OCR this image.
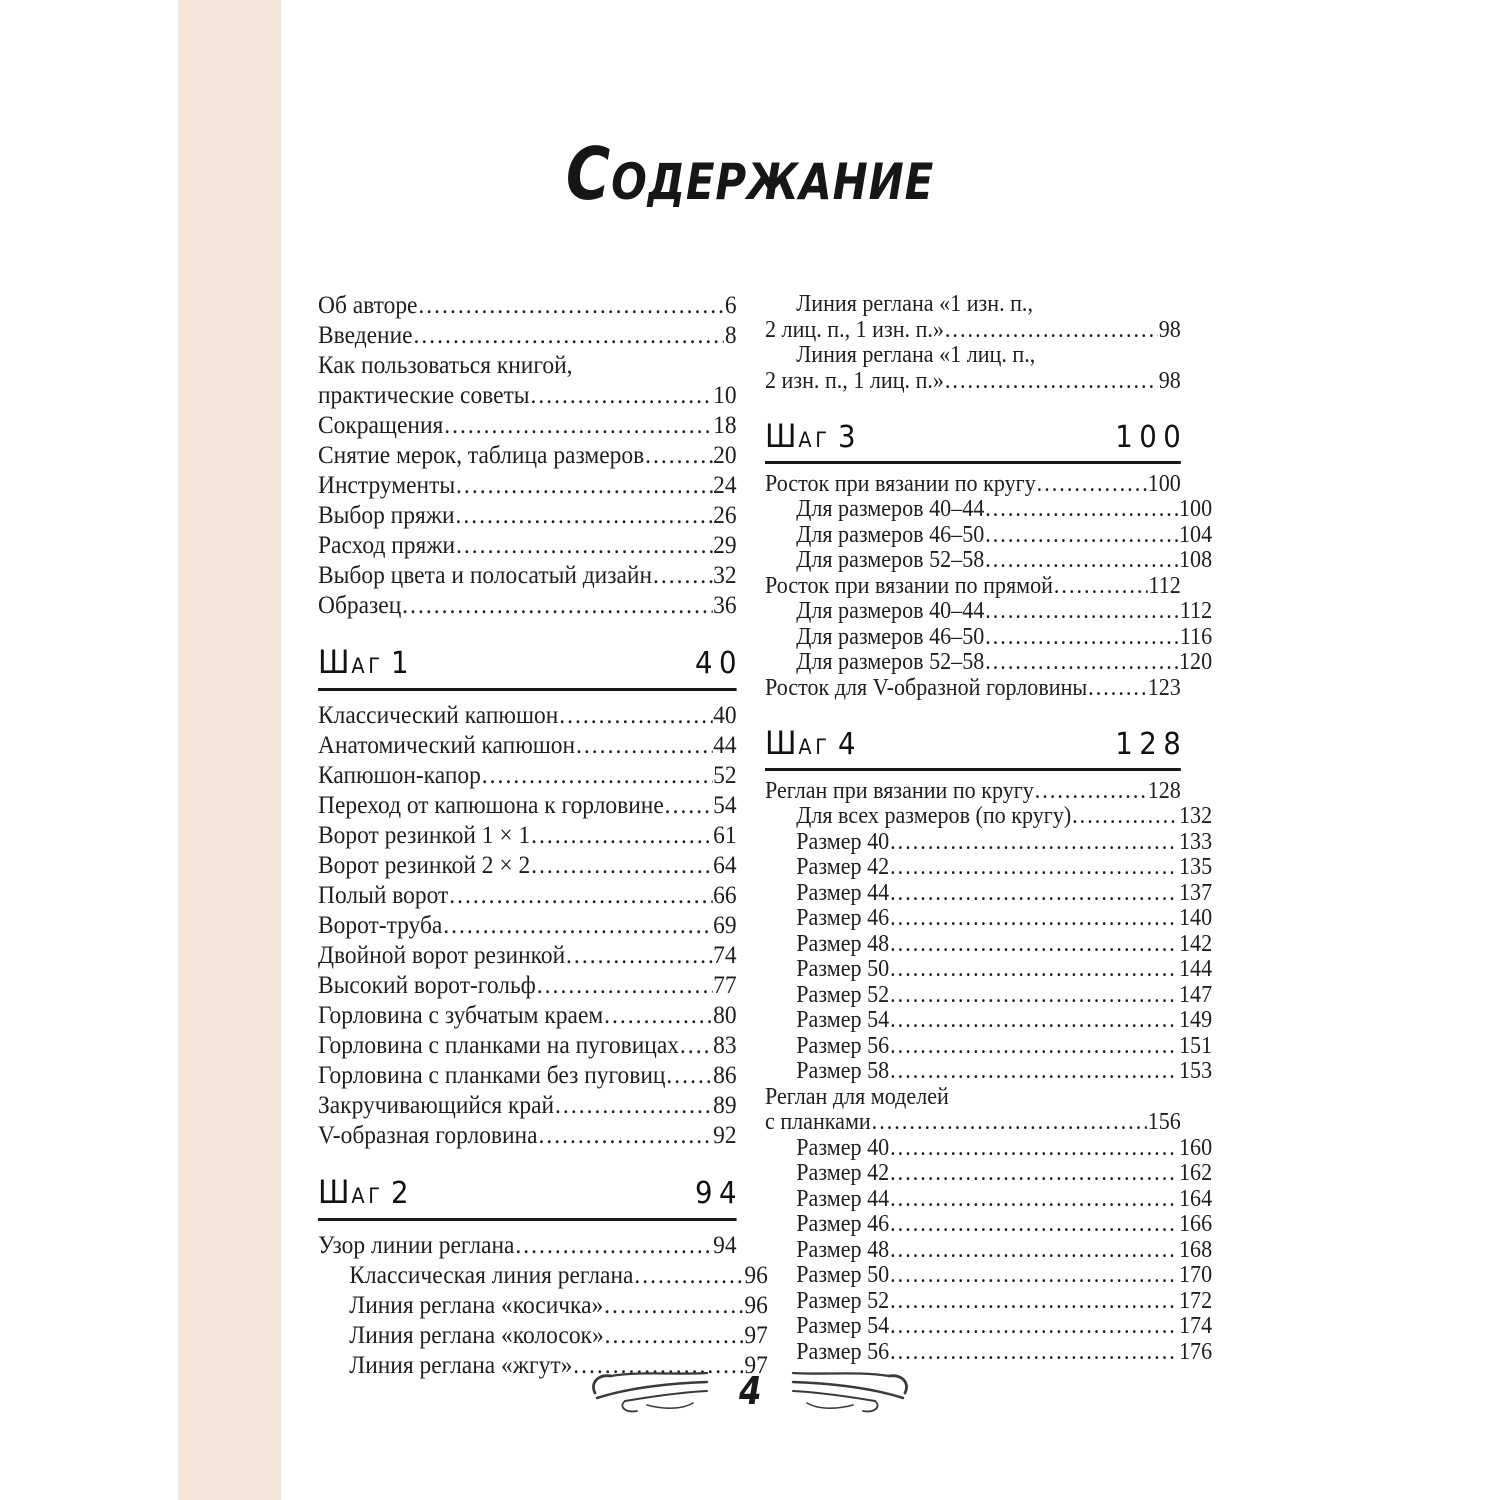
СОДЕРЖАНИЕ
Об авторе .....	6
Введение .....	8
Как пользоваться книгой,
практические советы .....	10
Сокращения .....	18
Снятие мерок, таблица размеров .....	20
Инструменты .....	24
Выбор пряжи .....	26
Расход пряжи .....	29
Выбор цвета и полосатый дизайн ..... 32
Образец .....	36
Ш АГ 1	40
Классический капюшон .....	40
Анатомический капюшон .....	44
Капюшон-капор .....	52
Переход от капюшона к горловине ..... 54
Ворот резинкой 1 × 1 .....	61
Ворот резинкой 2 × 2 .....	64
Полый ворот .....	66
Ворот-труба .....	69
Двойной ворот резинкой .....	74
Высокий ворот-гольф .....	77
Горловина с зубчатым краем .....	80
Горловина с планками на пуговицах ..... 83
Горловина с планками без пуговиц ..... 86
Закручивающийся край .....	89
V-образная горловина .....	92
Ш АГ 2	94
Узор линии реглана .....	94
Классическая линия реглана .....	96
Линия реглана «косичка» .....	96
Линия реглана «колосок» .....	97
Линия реглана «жгут» .....	97
Линия реглана «1 изн. п.,
2 лиц. п., 1 изн. п.» .....	98
Линия реглана «1 лиц. п.,
2 изн. п., 1 лиц. п.» .....	98
Ш АГ 3	100
Росток при вязании по кругу .....	100
Для размеров 40–44 .....	100
Для размеров 46–50 .....	104
Для размеров 52–58 .....	108
Росток при вязании по прямой .....	112
Для размеров 40–44 .....	112
Для размеров 46–50 .....	116
Для размеров 52–58 .....	120
Росток для V-образной горловины .....	123
Ш АГ 4	128
Реглан при вязании по кругу .....	128
Для всех размеров (по кругу) .....	132
Размер 40 .....	133
Размер 42 .....	135
Размер 44 .....	137
Размер 46 .....	140
Размер 48 .....	142
Размер 50 .....	144
Размер 52 .....	147
Размер 54 .....	149
Размер 56 .....	151
Размер 58 .....	153
Реглан для моделей
с планками .....	156
Размер 40 .....	160
Размер 42 .....	162
Размер 44 .....	164
Размер 46 .....	166
Размер 48 .....	168
Размер 50 .....	170
Размер 52 .....	172
Размер 54 .....	174
Размер 56 .....	176
4
